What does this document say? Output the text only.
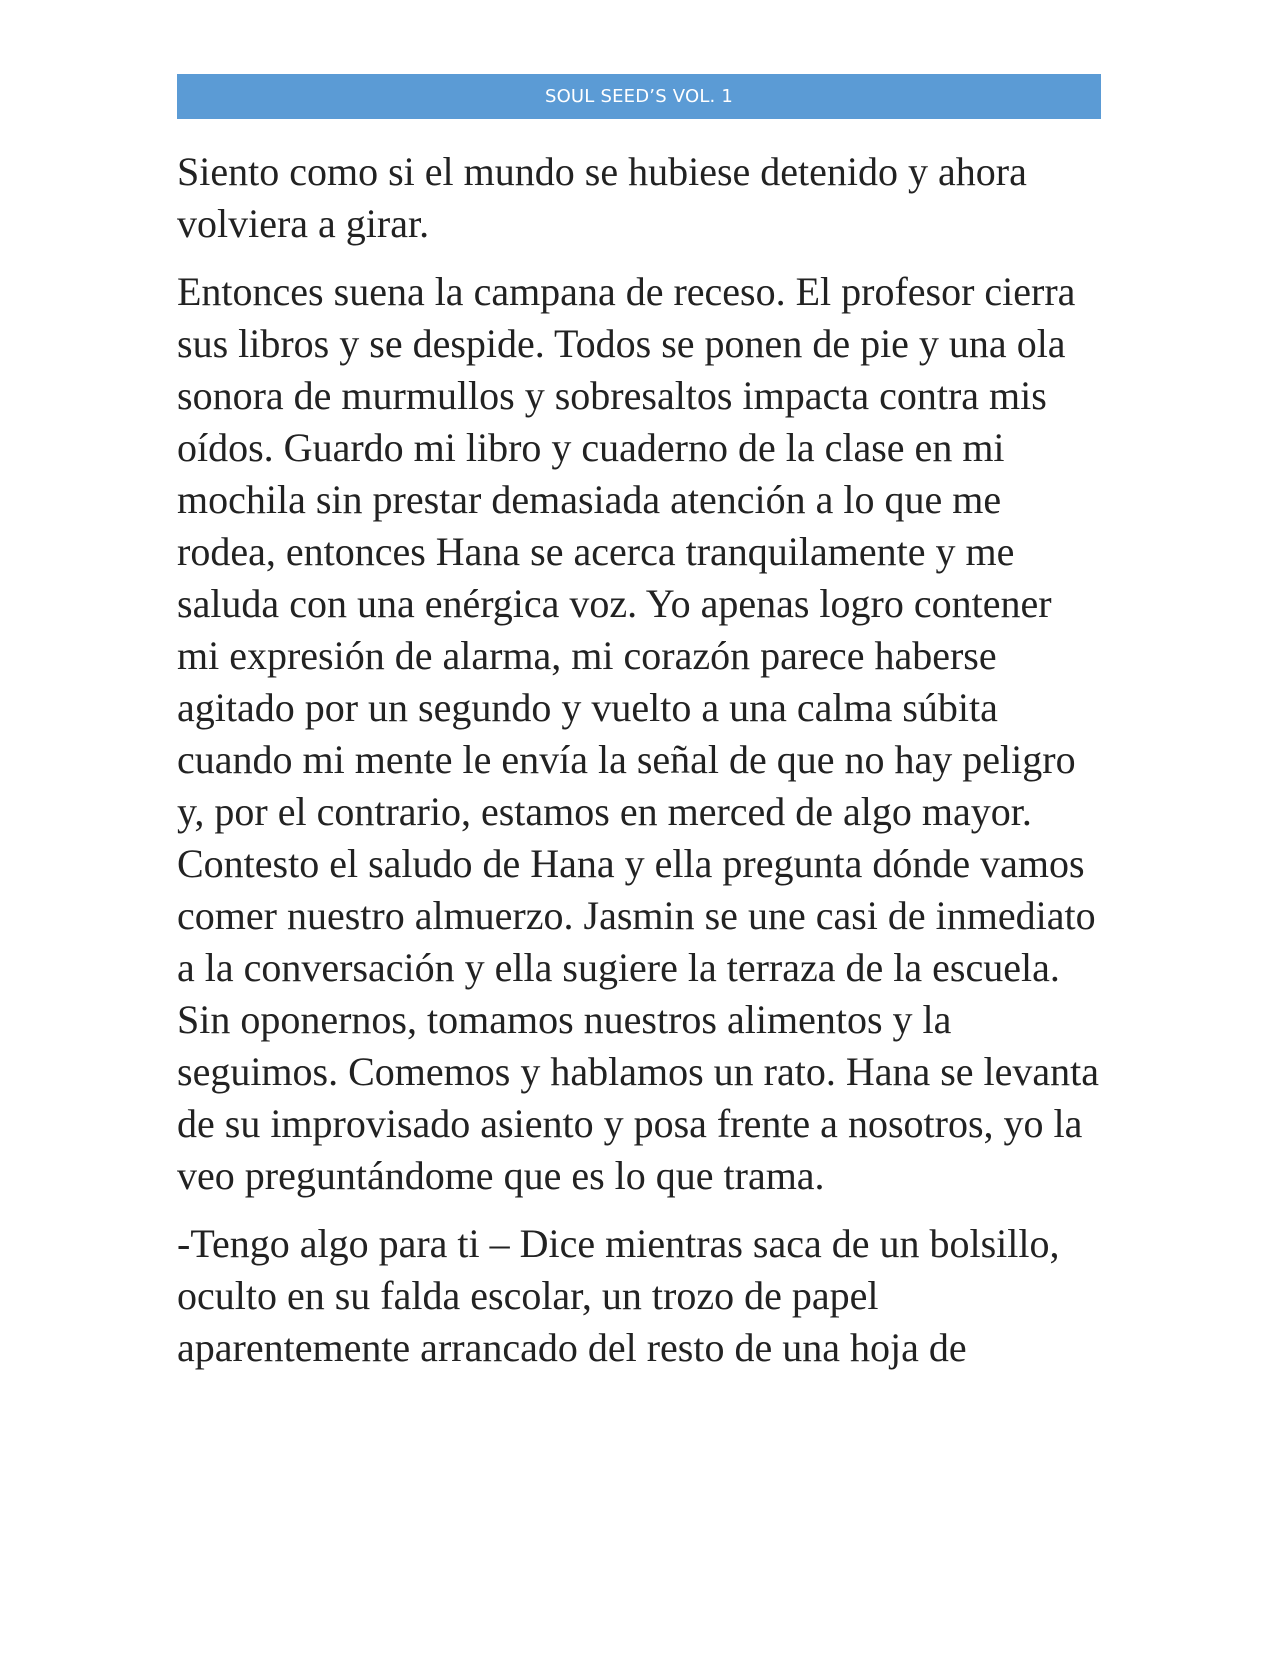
SOUL SEED’S VOL. 1

Siento como si el mundo se hubiese detenido y ahora volviera a girar.

Entonces suena la campana de receso. El profesor cierra sus libros y se despide. Todos se ponen de pie y una ola sonora de murmullos y sobresaltos impacta contra mis oídos. Guardo mi libro y cuaderno de la clase en mi mochila sin prestar demasiada atención a lo que me rodea, entonces Hana se acerca tranquilamente y me saluda con una enérgica voz. Yo apenas logro contener mi expresión de alarma, mi corazón parece haberse agitado por un segundo y vuelto a una calma súbita cuando mi mente le envía la señal de que no hay peligro y, por el contrario, estamos en merced de algo mayor. Contesto el saludo de Hana y ella pregunta dónde vamos comer nuestro almuerzo. Jasmin se une casi de inmediato a la conversación y ella sugiere la terraza de la escuela. Sin oponernos, tomamos nuestros alimentos y la seguimos. Comemos y hablamos un rato. Hana se levanta de su improvisado asiento y posa frente a nosotros, yo la veo preguntándome que es lo que trama.

-Tengo algo para ti – Dice mientras saca de un bolsillo, oculto en su falda escolar, un trozo de papel aparentemente arrancado del resto de una hoja de
